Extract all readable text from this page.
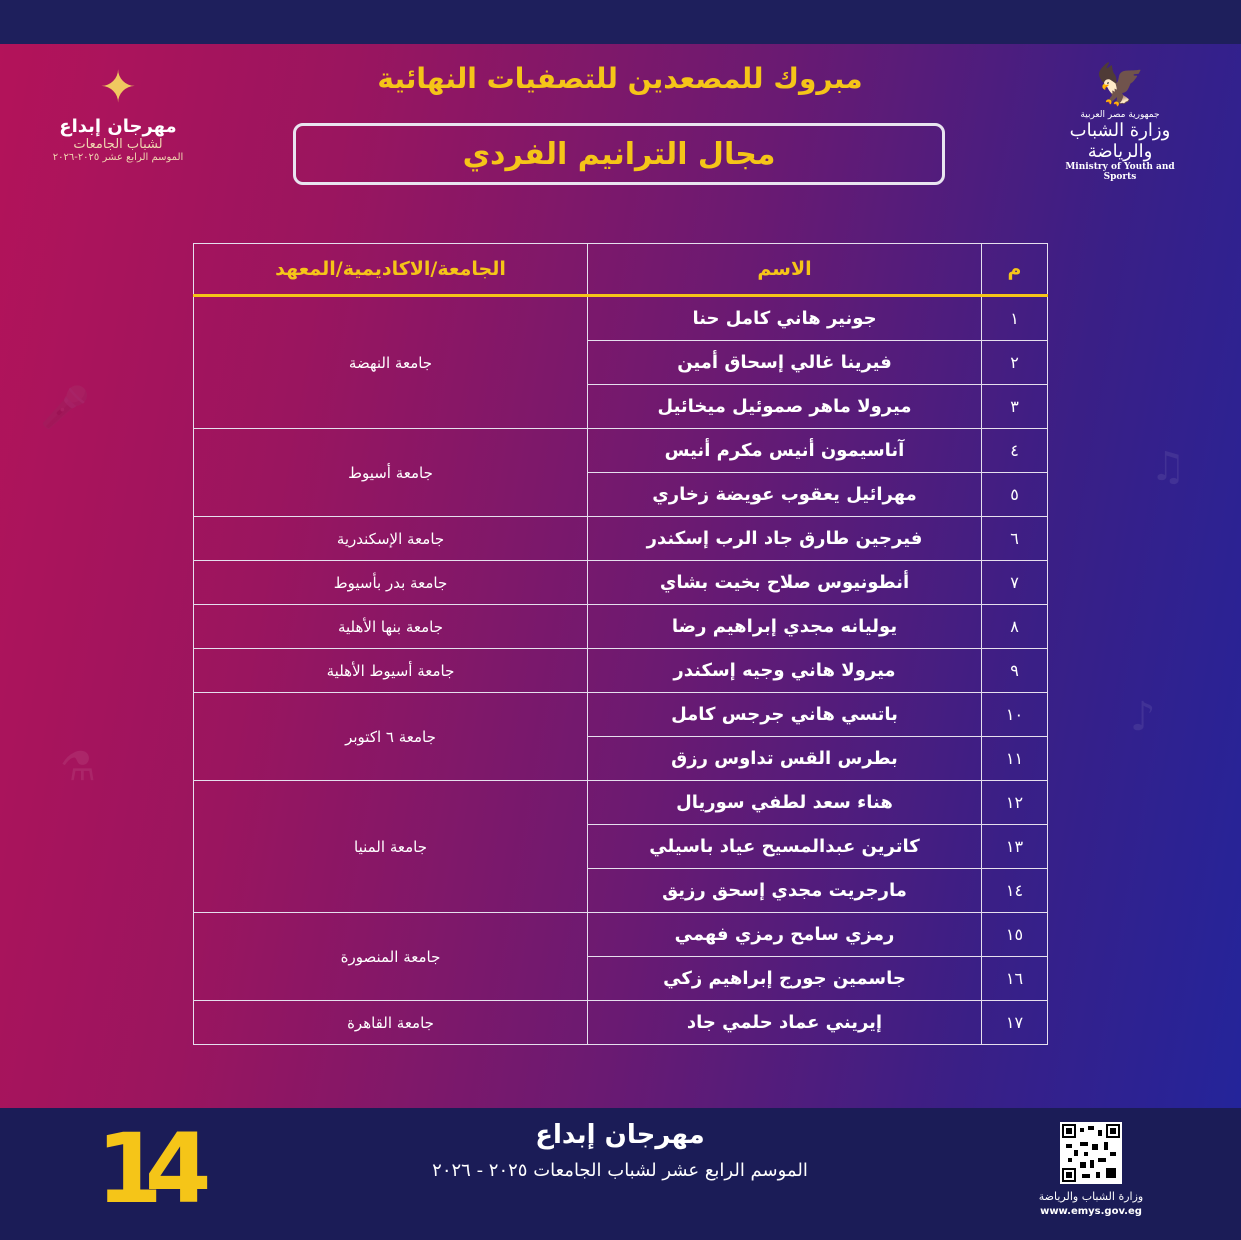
🎤
♫
⚗
♪
✦
مهرجان إبداع
لشباب الجامعات
الموسم الرابع عشر ٢٠٢٥-٢٠٢٦
🦅
جمهورية مصر العربية
وزارة الشباب والرياضة
Ministry of Youth and Sports
مبروك للمصعدين للتصفيات النهائية
مجال الترانيم الفردي
م	الاسم	الجامعة/الاكاديمية/المعهد
١	جونير هاني كامل حنا	جامعة النهضة
٢	فيرينا غالي إسحاق أمين	
٣	ميرولا ماهر صموئيل ميخائيل	
٤	آناسيمون أنيس مكرم أنيس	جامعة أسيوط
٥	مهرائيل يعقوب عويضة زخاري	
٦	فيرجين طارق جاد الرب إسكندر	جامعة الإسكندرية
٧	أنطونيوس صلاح بخيت بشاي	جامعة بدر بأسيوط
٨	يوليانه مجدي إبراهيم رضا	جامعة بنها الأهلية
٩	ميرولا هاني وجيه إسكندر	جامعة أسيوط الأهلية
١٠	باتسي هاني جرجس كامل	جامعة ٦ اكتوبر
١١	بطرس القس تداوس رزق	
١٢	هناء سعد لطفي سوريال	جامعة المنيا
١٣	كاترين عبدالمسيح عياد باسيلي	
١٤	مارجريت مجدي إسحق رزيق	
١٥	رمزي سامح رمزي فهمي	جامعة المنصورة
١٦	جاسمين جورج إبراهيم زكي	
١٧	إيريني عماد حلمي جاد	جامعة القاهرة
14	مهرجان إبداع
الموسم الرابع عشر لشباب الجامعات ٢٠٢٥ - ٢٠٢٦
وزارة الشباب والرياضة
www.emys.gov.eg
